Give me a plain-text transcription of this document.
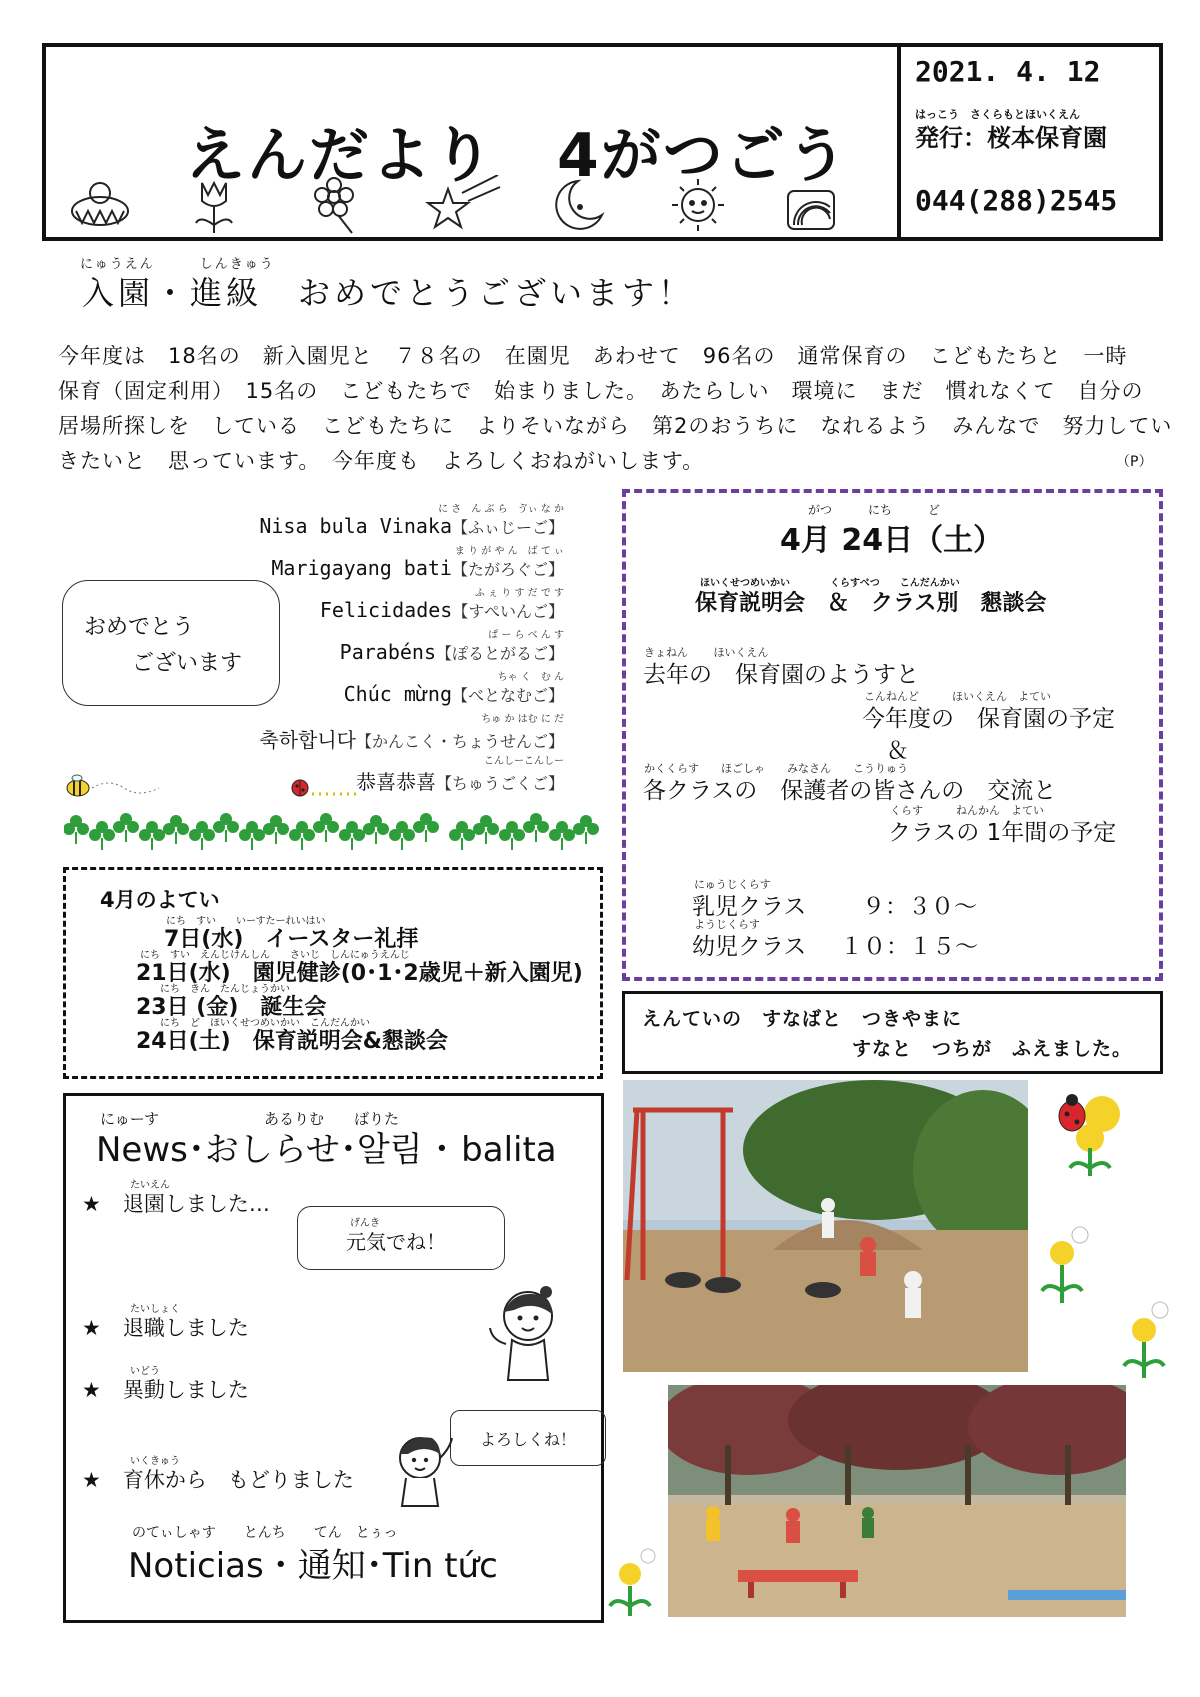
えんだより　4がつごう
2021. 4. 12
はっこう　さくらもとほいくえん
発行：桜本保育園
044(288)2545
にゅうえん　　　しんきゅう
入園・進級　おめでとうございます！
今年度は　18名の　新入園児と　７８名の　在園児　あわせて　96名の　通常保育の　こどもたちと　一時
保育（固定利用）　15名の　こどもたちで　始まりました。　あたらしい　環境に　まだ　慣れなくて　自分の
居場所探しを　している　こどもたちに　よりそいながら　第2のおうちに　なれるよう　みんなで　努力してい
きたいと　思っています。　今年度も　よろしくおねがいします。	（P）
おめでとう
ございます
に さ　ん ぶ ら　ゔぃ な か
Nisa bula Vinaka【ふぃじーご】
ま り が や ん　ば て ぃ
Marigayang bati【たがろぐご】
ふ ぇ り す だ で す
Felicidades【すぺいんご】
ぱ ー ら べ ん す
Parabéns【ぽるとがるご】
ちゃ く　む ん
Chúc mừng【べとなむご】
ちゅ か はむ に だ
축하합니다【かんこく・ちょうせんご】
こんしーこんしー
恭喜恭喜【ちゅうごくご】
がつ　　　にち　　　ど
4月 24日（土）
ほいくせつめいかい　　　　くらすべつ　　こんだんかい
保育説明会　＆　クラス別　懇談会
きょねん　　 ほいくえん
去年の　保育園のようすと
こんねんど　　　ほいくえん　よてい
今年度の　保育園の予定
＆
かくくらす　　ほごしゃ　　みなさん　　こうりゅう
各クラスの　保護者の皆さんの　交流と
くらす　　　ねんかん　よてい
クラスの 1年間の予定
にゅうじくらす
乳児クラス ９：３０～
ようじくらす
幼児クラス １０：１５～
4月のよてい
にち　すい　　いーすたーれいはい
7日(水)　イースター礼拝
にち　すい　えんじけんしん　　さいじ　しんにゅうえんじ
21日(水)　園児健診(0･1･2歳児＋新入園児)
にち　きん　たんじょうかい
23日 (金)　誕生会
にち　ど　ほいくせつめいかい　こんだんかい
24日(土)　保育説明会&懇談会
えんていの　すなばと　つきやまに
すなと　つちが　ふえました。
にゅーす　　　　　　　あるりむ　　ばりた
News･おしらせ･알림 ･ balita
たいえん
★ 退園しました…
げんき
元気でね！
たいしょく
★ 退職しました
いどう
★ 異動しました
よろしくね！
いくきゅう
★ 育休から　もどりました
のてぃしゃす　　とんち　　てん　とぅっ
Noticias・通知･Tin tức
